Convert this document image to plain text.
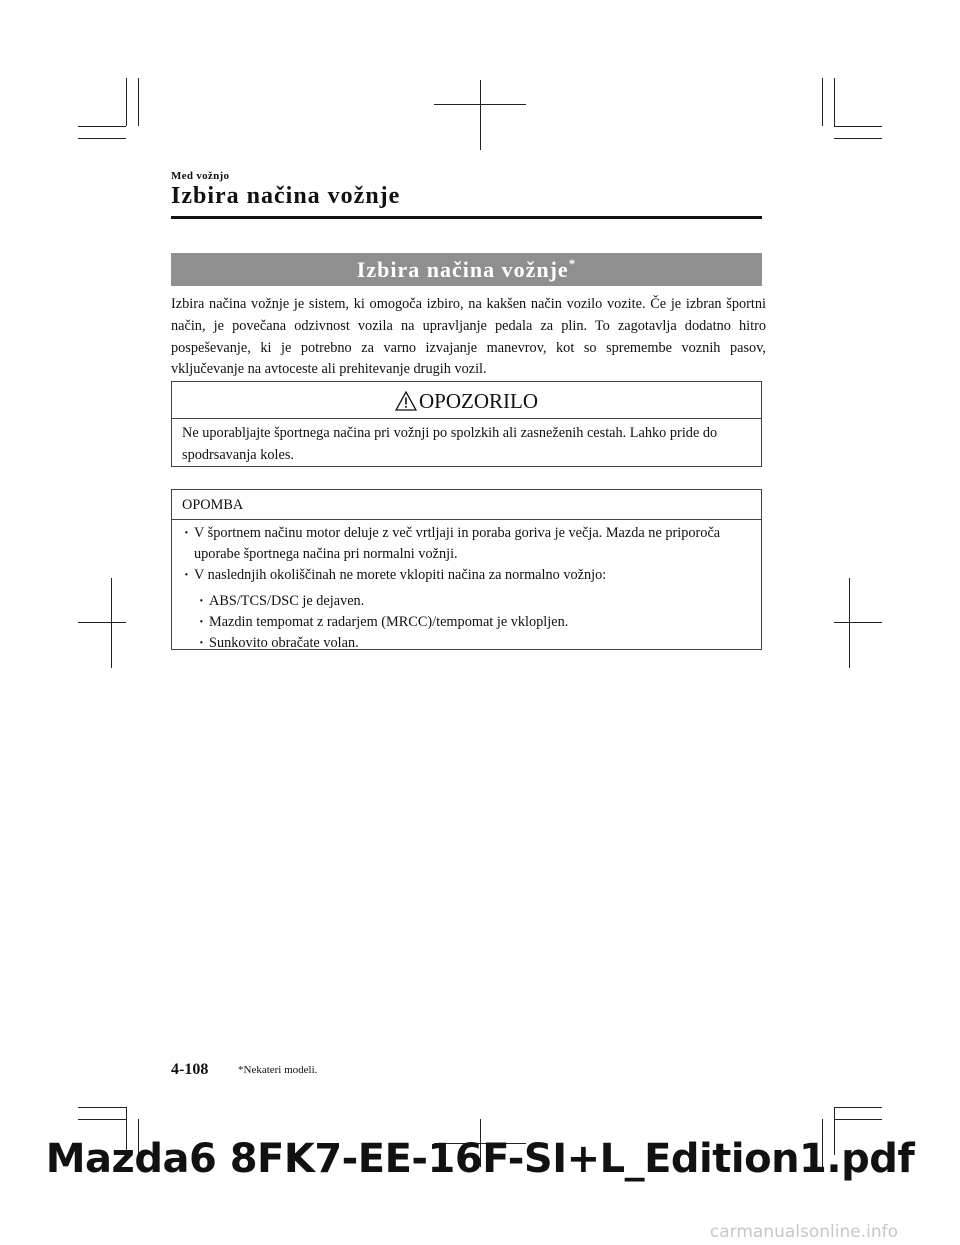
Med vožnjo
Izbira načina vožnje
Izbira načina vožnje*
Izbira načina vožnje je sistem, ki omogoča izbiro, na kakšen način vozilo vozite. Če je izbran športni način, je povečana odzivnost vozila na upravljanje pedala za plin. To zagotavlja dodatno hitro pospeševanje, ki je potrebno za varno izvajanje manevrov, kot so spremembe voznih pasov, vključevanje na avtoceste ali prehitevanje drugih vozil.
OPOZORILO
Ne uporabljajte športnega načina pri vožnji po spolzkih ali zasneženih cestah. Lahko pride do spodrsavanja koles.
OPOMBA
· V športnem načinu motor deluje z več vrtljaji in poraba goriva je večja. Mazda ne priporoča uporabe športnega načina pri normalni vožnji.
· V naslednjih okoliščinah ne morete vklopiti načina za normalno vožnjo:
· ABS/TCS/DSC je dejaven.
· Mazdin tempomat z radarjem (MRCC)/tempomat je vklopljen.
· Sunkovito obračate volan.
4-108	*Nekateri modeli.
Mazda6 8FK7-EE-16F-SI+L_Edition1.pdf
carmanualsonline.info
